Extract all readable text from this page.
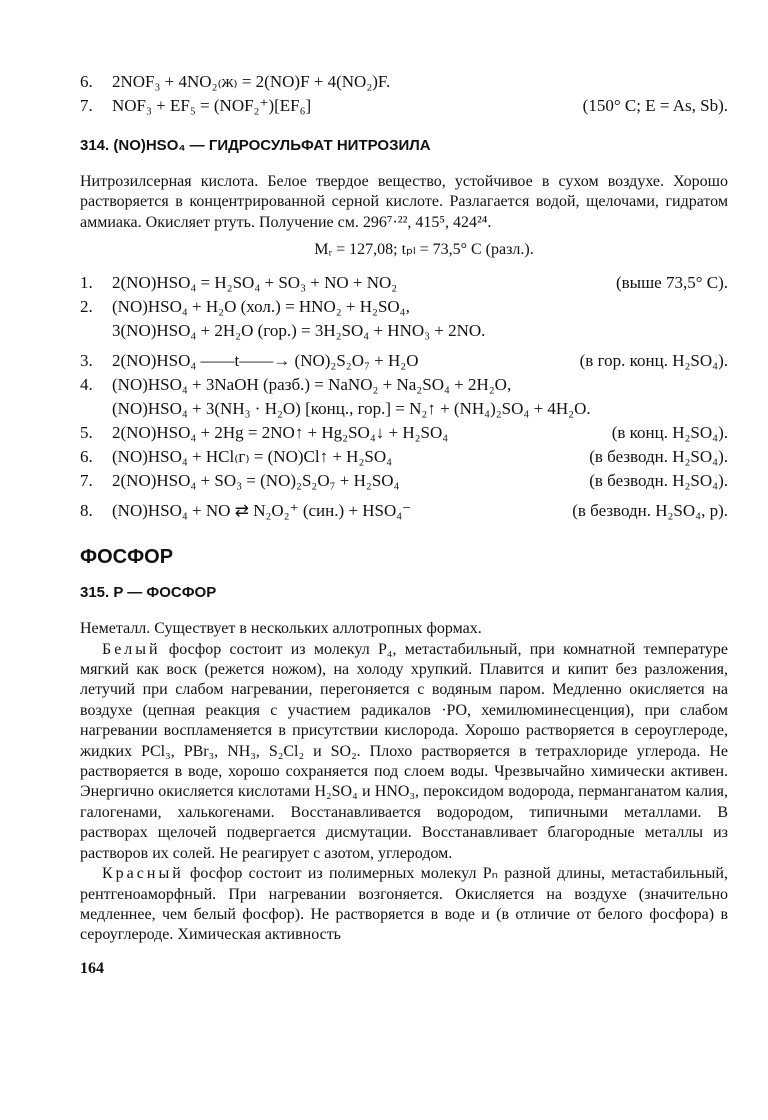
6. 2NOF₃ + 4NO₂₍ж₎ = 2(NO)F + 4(NO₂)F.
7. NOF₃ + EF₅ = (NOF₂⁺)[EF₆]	(150° C; E = As, Sb).
314. (NO)HSO₄ — ГИДРОСУЛЬФАТ НИТРОЗИЛА

Нитрозилсерная кислота. Белое твердое вещество, устойчивое в сухом воздухе. Хорошо растворяется в концентрированной серной кислоте. Разлагается водой, щелочами, гидратом аммиака. Окисляет ртуть. Получение см. 296⁷·²², 415⁵, 424²⁴.

Mᵣ = 127,08; tₚₗ = 73,5° C (разл.).

1. 2(NO)HSO₄ = H₂SO₄ + SO₃ + NO + NO₂	(выше 73,5° C).
2. (NO)HSO₄ + H₂O (хол.) = HNO₂ + H₂SO₄,
3(NO)HSO₄ + 2H₂O (гор.) = 3H₂SO₄ + HNO₃ + 2NO.
3. 2(NO)HSO₄ ——t——→ (NO)₂S₂O₇ + H₂O	(в гор. конц. H₂SO₄).
4. (NO)HSO₄ + 3NaOH (разб.) = NaNO₂ + Na₂SO₄ + 2H₂O,
(NO)HSO₄ + 3(NH₃ · H₂O) [конц., гор.] = N₂↑ + (NH₄)₂SO₄ + 4H₂O.
5. 2(NO)HSO₄ + 2Hg = 2NO↑ + Hg₂SO₄↓ + H₂SO₄	(в конц. H₂SO₄).
6. (NO)HSO₄ + HCl₍г₎ = (NO)Cl↑ + H₂SO₄	(в безводн. H₂SO₄).
7. 2(NO)HSO₄ + SO₃ = (NO)₂S₂O₇ + H₂SO₄	(в безводн. H₂SO₄).
8. (NO)HSO₄ + NO ⇄ N₂O₂⁺ (син.) + HSO₄⁻	(в безводн. H₂SO₄, p).
ФОСФОР
315. P — ФОСФОР

Неметалл. Существует в нескольких аллотропных формах.

Белый фосфор состоит из молекул P₄, метастабильный, при комнатной температуре мягкий как воск (режется ножом), на холоду хрупкий. Плавится и кипит без разложения, летучий при слабом нагревании, перегоняется с водяным паром. Медленно окисляется на воздухе (цепная реакция с участием радикалов ·PO, хемилюминесценция), при слабом нагревании воспламеняется в присутствии кислорода. Хорошо растворяется в сероуглероде, жидких PCl₃, PBr₃, NH₃, S₂Cl₂ и SO₂. Плохо растворяется в тетрахлориде углерода. Не растворяется в воде, хорошо сохраняется под слоем воды. Чрезвычайно химически активен. Энергично окисляется кислотами H₂SO₄ и HNO₃, пероксидом водорода, перманганатом калия, галогенами, халькогенами. Восстанавливается водородом, типичными металлами. В растворах щелочей подвергается дисмутации. Восстанавливает благородные металлы из растворов их солей. Не реагирует с азотом, углеродом.

Красный фосфор состоит из полимерных молекул Pₙ разной длины, метастабильный, рентгеноаморфный. При нагревании возгоняется. Окисляется на воздухе (значительно медленнее, чем белый фосфор). Не растворяется в воде и (в отличие от белого фосфора) в сероуглероде. Химическая активность

164
